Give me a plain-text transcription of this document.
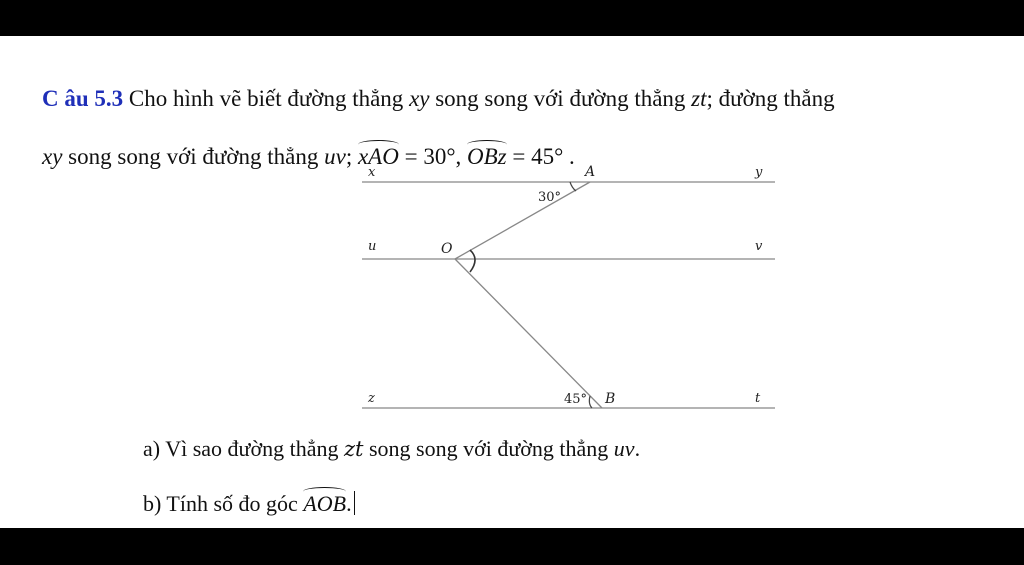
C âu 5.3 Cho hình vẽ biết đường thẳng xy song song với đường thẳng zt; đường thẳng
xy song song với đường thẳng uv; xAO = 30°, OBz = 45° .
x	y
u	v
z	t
A
O
B
30°
45°
a) Vì sao đường thẳng zt song song với đường thẳng uv.
b) Tính số đo góc AOB.
